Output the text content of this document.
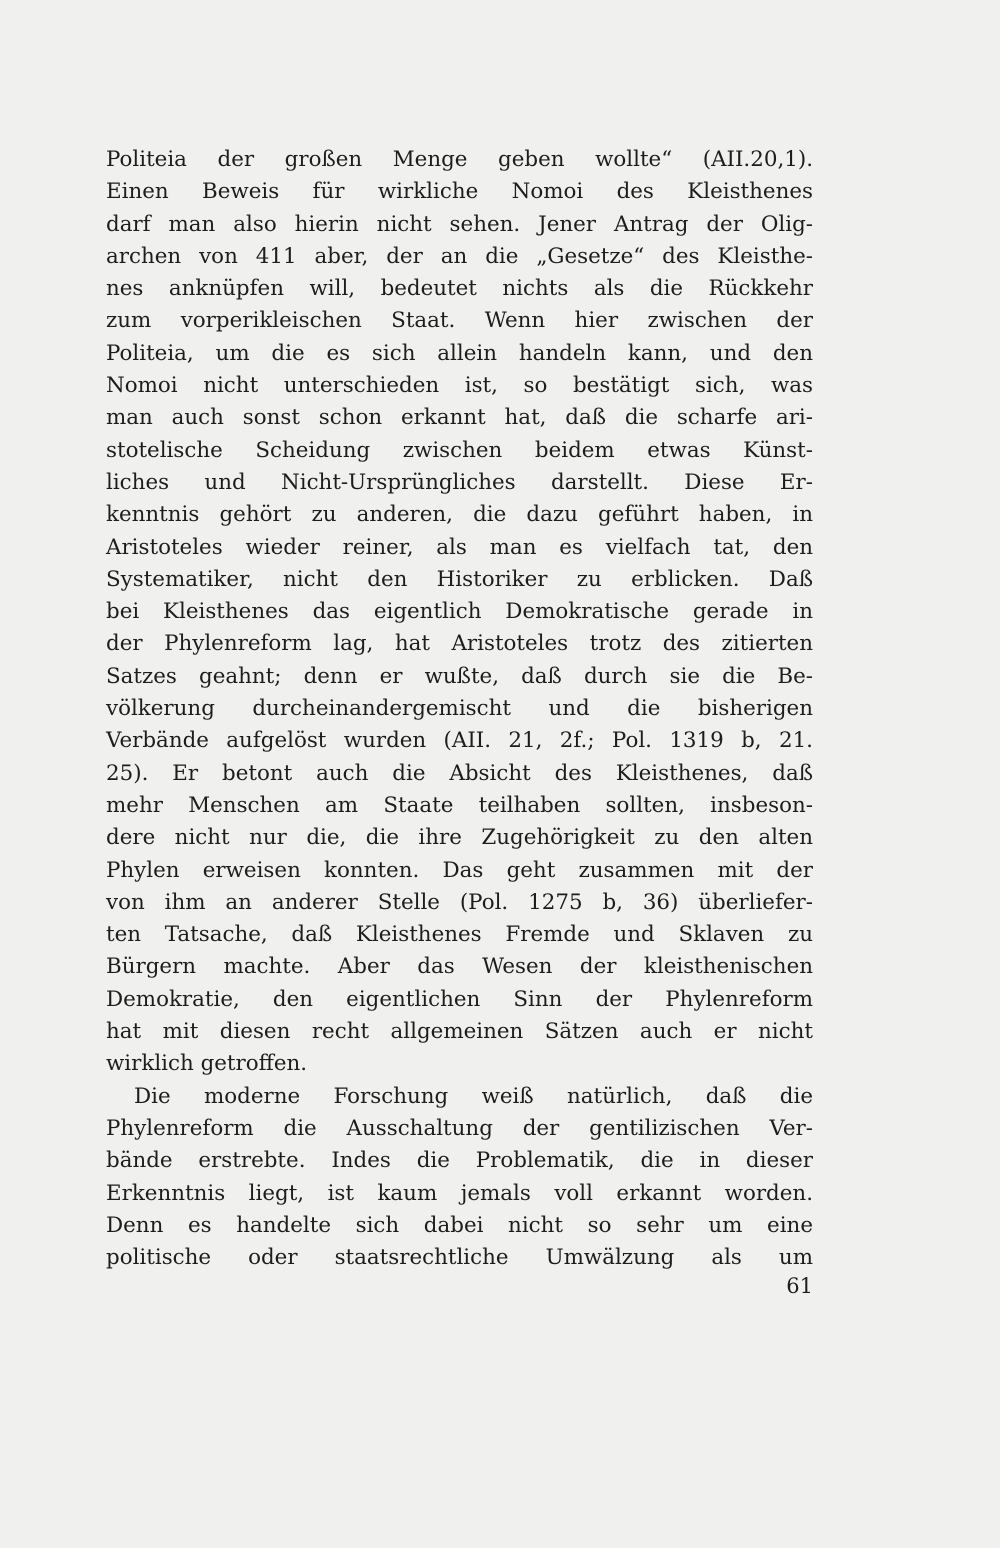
Politeia der großen Menge geben wollte“ (AII.20,1).
Einen Beweis für wirkliche Nomoi des Kleisthenes
darf man also hierin nicht sehen. Jener Antrag der Olig-
archen von 411 aber, der an die „Gesetze“ des Kleisthe-
nes anknüpfen will, bedeutet nichts als die Rückkehr
zum vorperikleischen Staat. Wenn hier zwischen der
Politeia, um die es sich allein handeln kann, und den
Nomoi nicht unterschieden ist, so bestätigt sich, was
man auch sonst schon erkannt hat, daß die scharfe ari-
stotelische Scheidung zwischen beidem etwas Künst-
liches und Nicht-Ursprüngliches darstellt. Diese Er-
kenntnis gehört zu anderen, die dazu geführt haben, in
Aristoteles wieder reiner, als man es vielfach tat, den
Systematiker, nicht den Historiker zu erblicken. Daß
bei Kleisthenes das eigentlich Demokratische gerade in
der Phylenreform lag, hat Aristoteles trotz des zitierten
Satzes geahnt; denn er wußte, daß durch sie die Be-
völkerung durcheinandergemischt und die bisherigen
Verbände aufgelöst wurden (AII. 21, 2f.; Pol. 1319 b, 21.
25). Er betont auch die Absicht des Kleisthenes, daß
mehr Menschen am Staate teilhaben sollten, insbeson-
dere nicht nur die, die ihre Zugehörigkeit zu den alten
Phylen erweisen konnten. Das geht zusammen mit der
von ihm an anderer Stelle (Pol. 1275 b, 36) überliefer-
ten Tatsache, daß Kleisthenes Fremde und Sklaven zu
Bürgern machte. Aber das Wesen der kleisthenischen
Demokratie, den eigentlichen Sinn der Phylenreform
hat mit diesen recht allgemeinen Sätzen auch er nicht
wirklich getroffen.

Die moderne Forschung weiß natürlich, daß die
Phylenreform die Ausschaltung der gentilizischen Ver-
bände erstrebte. Indes die Problematik, die in dieser
Erkenntnis liegt, ist kaum jemals voll erkannt worden.
Denn es handelte sich dabei nicht so sehr um eine
politische oder staatsrechtliche Umwälzung als um

61
